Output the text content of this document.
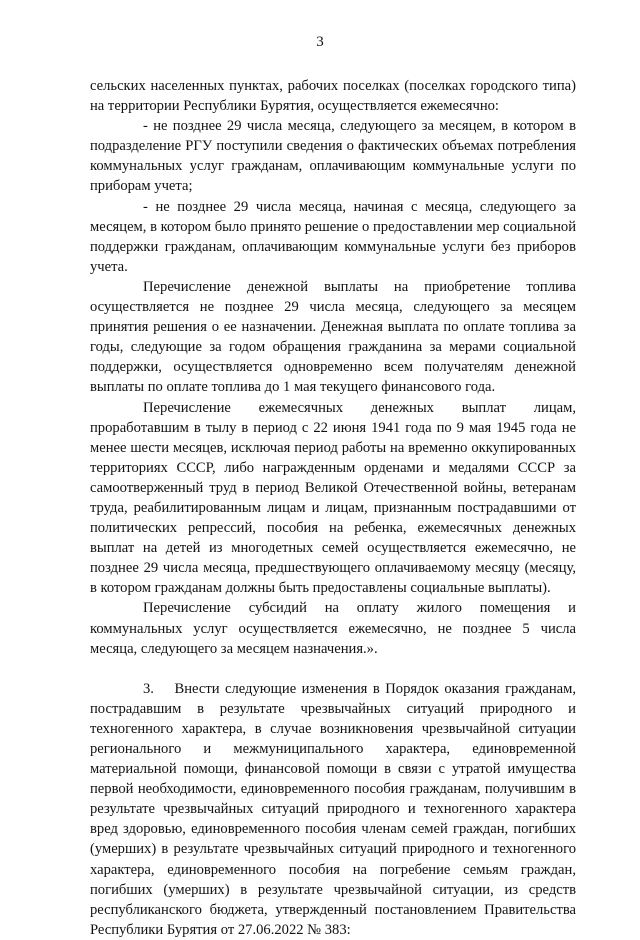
3

сельских населенных пунктах, рабочих поселках (поселках городского типа) на территории Республики Бурятия, осуществляется ежемесячно:

- не позднее 29 числа месяца, следующего за месяцем, в котором в подразделение РГУ поступили сведения о фактических объемах потребления коммунальных услуг гражданам, оплачивающим коммунальные услуги по приборам учета;

- не позднее 29 числа месяца, начиная с месяца, следующего за месяцем, в котором было принято решение о предоставлении мер социальной поддержки гражданам, оплачивающим коммунальные услуги без приборов учета.

Перечисление денежной выплаты на приобретение топлива осуществляется не позднее 29 числа месяца, следующего за месяцем принятия решения о ее назначении. Денежная выплата по оплате топлива за годы, следующие за годом обращения гражданина за мерами социальной поддержки, осуществляется одновременно всем получателям денежной выплаты по оплате топлива до 1 мая текущего финансового года.

Перечисление ежемесячных денежных выплат лицам, проработавшим в тылу в период с 22 июня 1941 года по 9 мая 1945 года не менее шести месяцев, исключая период работы на временно оккупированных территориях СССР, либо награжденным орденами и медалями СССР за самоотверженный труд в период Великой Отечественной войны, ветеранам труда, реабилитированным лицам и лицам, признанным пострадавшими от политических репрессий, пособия на ребенка, ежемесячных денежных выплат на детей из многодетных семей осуществляется ежемесячно, не позднее 29 числа месяца, предшествующего оплачиваемому месяцу (месяцу, в котором гражданам должны быть предоставлены социальные выплаты).

Перечисление субсидий на оплату жилого помещения и коммунальных услуг осуществляется ежемесячно, не позднее 5 числа месяца, следующего за месяцем назначения.».

3. Внести следующие изменения в Порядок оказания гражданам, пострадавшим в результате чрезвычайных ситуаций природного и техногенного характера, в случае возникновения чрезвычайной ситуации регионального и межмуниципального характера, единовременной материальной помощи, финансовой помощи в связи с утратой имущества первой необходимости, единовременного пособия гражданам, получившим в результате чрезвычайных ситуаций природного и техногенного характера вред здоровью, единовременного пособия членам семей граждан, погибших (умерших) в результате чрезвычайных ситуаций природного и техногенного характера, единовременного пособия на погребение семьям граждан, погибших (умерших) в результате чрезвычайной ситуации, из средств республиканского бюджета, утвержденный постановлением Правительства Республики Бурятия от 27.06.2022 № 383:
